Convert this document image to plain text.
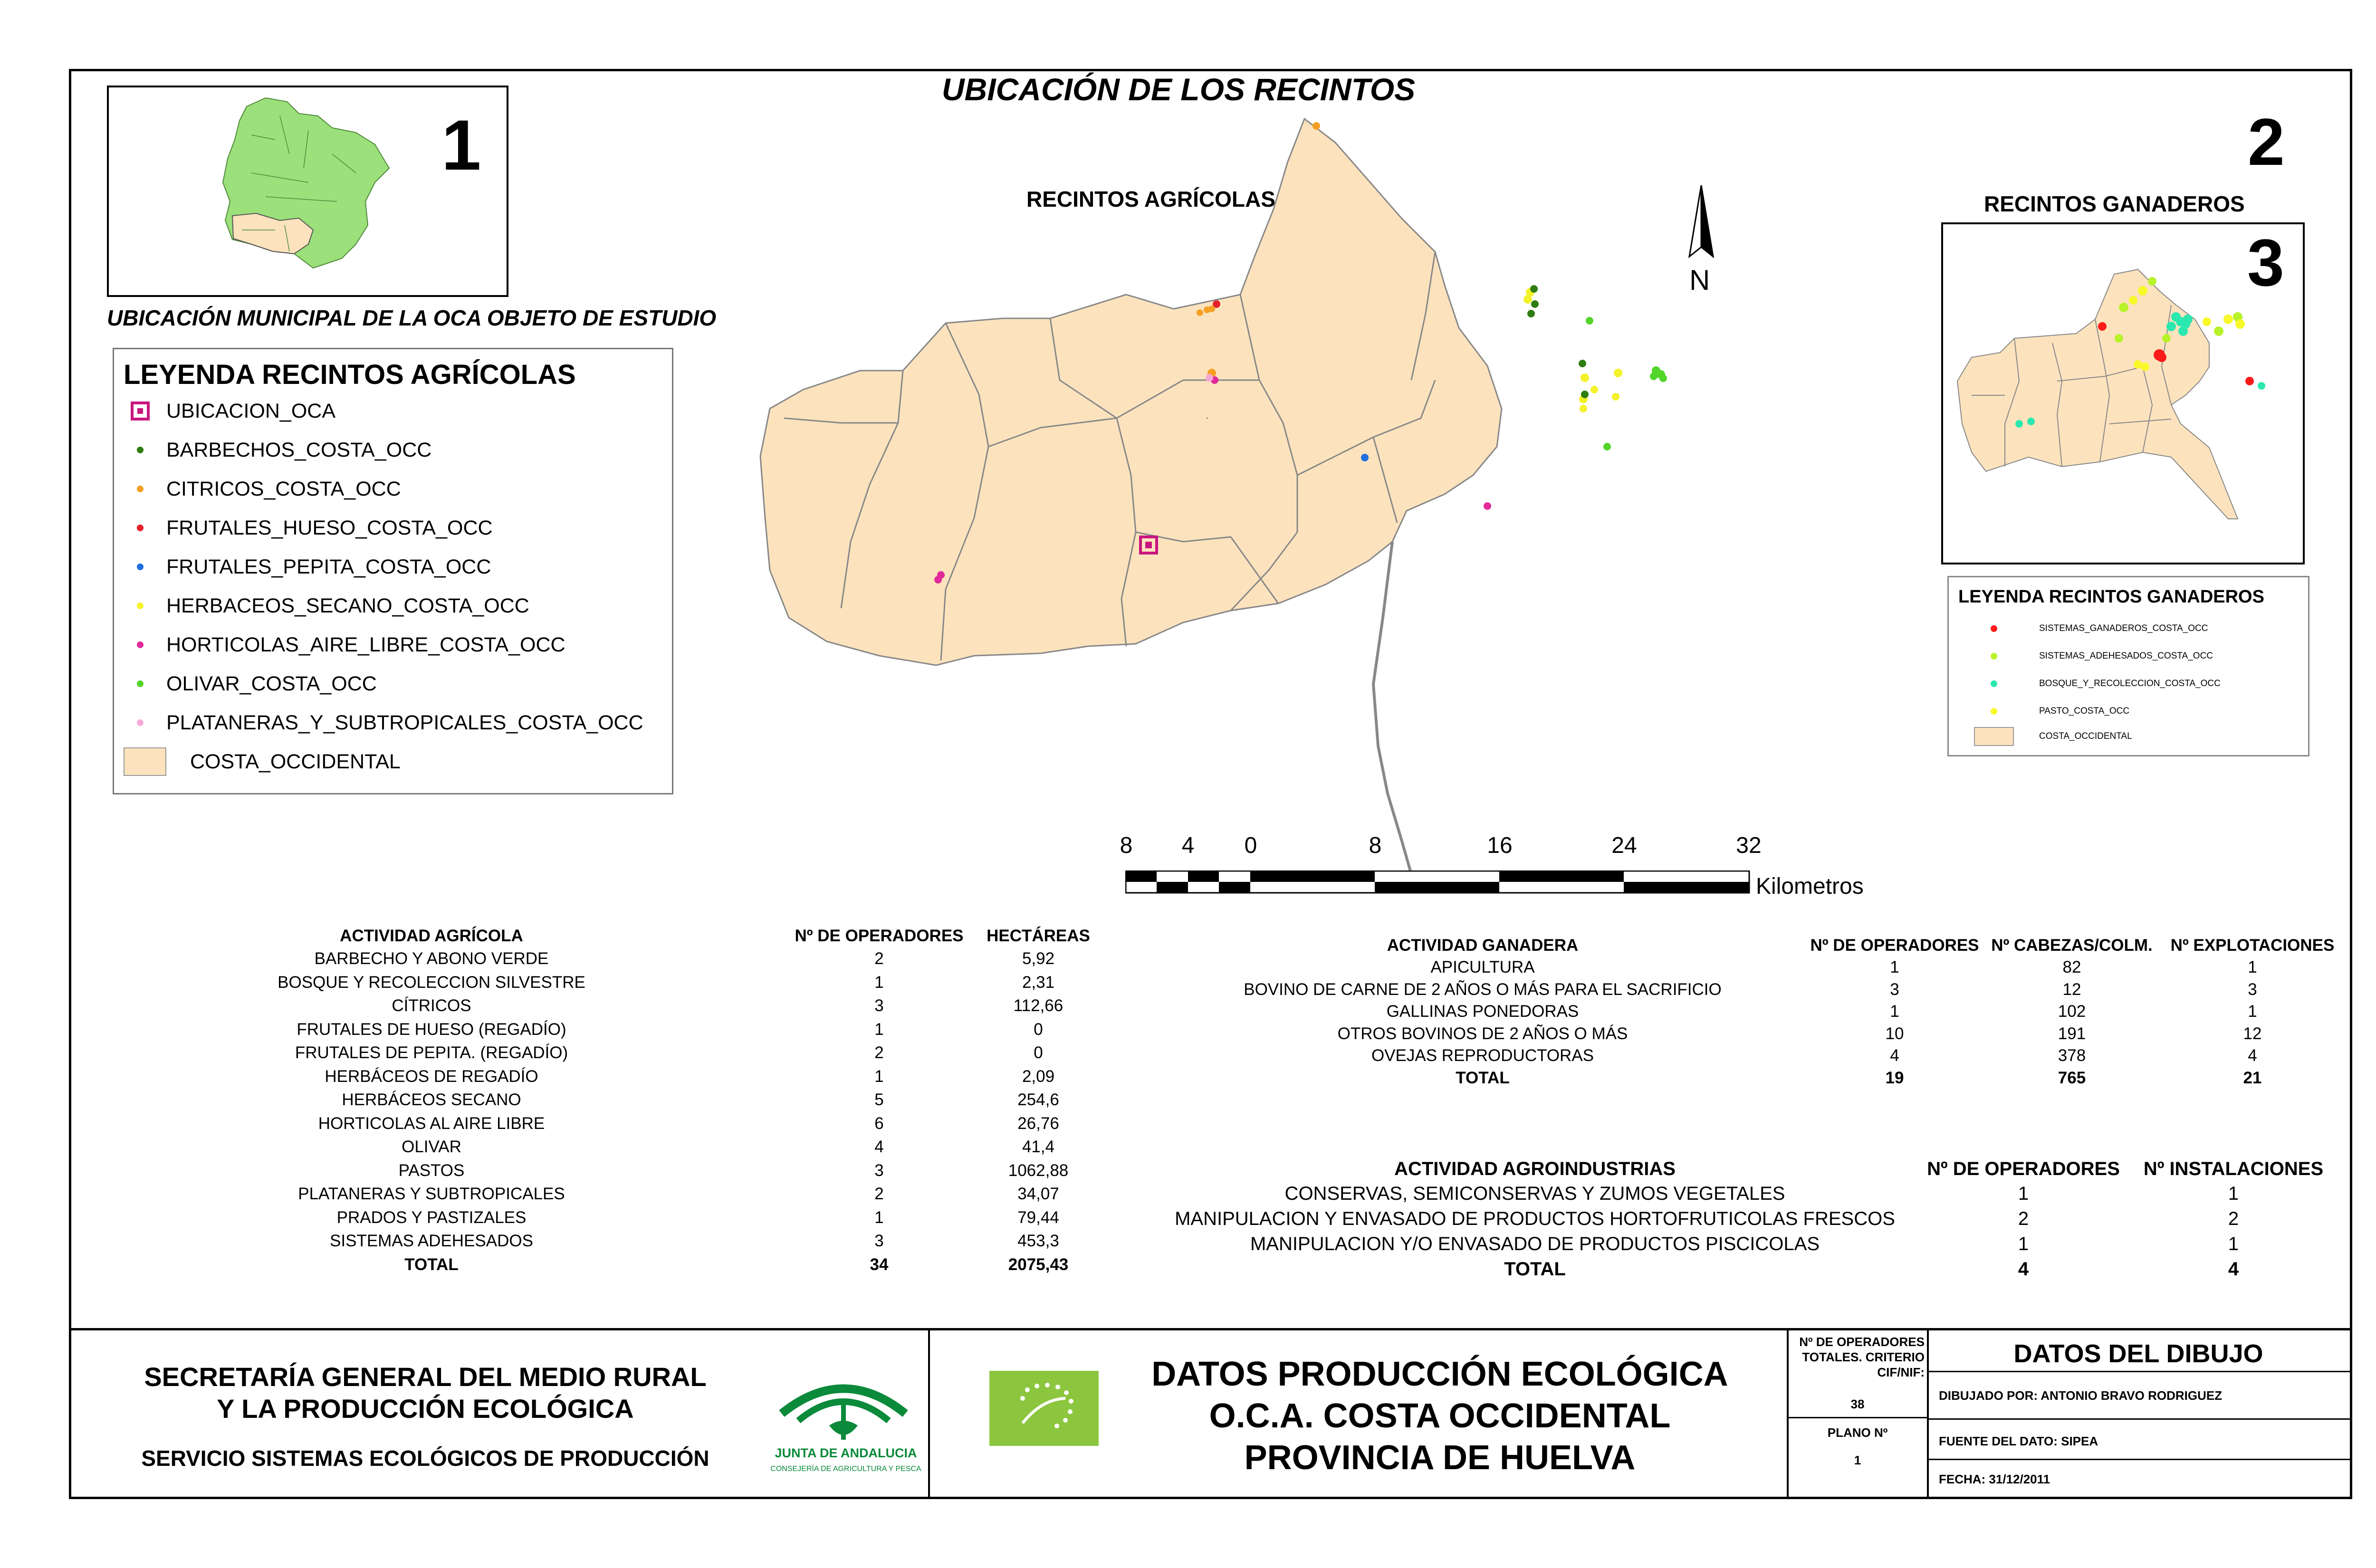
UBICACIÓN DE LOS RECINTOS
1
UBICACIÓN MUNICIPAL DE LA OCA OBJETO DE ESTUDIO
LEYENDA RECINTOS AGRÍCOLAS
UBICACION_OCA
BARBECHOS_COSTA_OCC
CITRICOS_COSTA_OCC
FRUTALES_HUESO_COSTA_OCC
FRUTALES_PEPITA_COSTA_OCC
HERBACEOS_SECANO_COSTA_OCC
HORTICOLAS_AIRE_LIBRE_COSTA_OCC
OLIVAR_COSTA_OCC
PLATANERAS_Y_SUBTROPICALES_COSTA_OCC
COSTA_OCCIDENTAL
RECINTOS AGRÍCOLAS
2
N
RECINTOS GANADEROS
3
LEYENDA RECINTOS GANADEROS
SISTEMAS_GANADEROS_COSTA_OCC
SISTEMAS_ADEHESADOS_COSTA_OCC
BOSQUE_Y_RECOLECCION_COSTA_OCC
PASTO_COSTA_OCC
COSTA_OCCIDENTAL
8 4 0	8	16	24	32
Kilometros
ACTIVIDAD AGRÍCOLA	Nº DE OPERADORES HECTÁREAS
BARBECHO Y ABONO VERDE	2	5,92
BOSQUE Y RECOLECCION SILVESTRE	1	2,31
CÍTRICOS	3	112,66
FRUTALES DE HUESO (REGADÍO)	1	0
FRUTALES DE PEPITA. (REGADÍO)	2	0
HERBÁCEOS DE REGADÍO	1	2,09
HERBÁCEOS SECANO	5	254,6
HORTICOLAS AL AIRE LIBRE	6	26,76
OLIVAR	4	41,4
PASTOS	3	1062,88
PLATANERAS Y SUBTROPICALES	2	34,07
PRADOS Y PASTIZALES	1	79,44
SISTEMAS ADEHESADOS	3	453,3
TOTAL	34	2075,43
ACTIVIDAD GANADERA	Nº DE OPERADORES Nº CABEZAS/COLM. Nº EXPLOTACIONES
APICULTURA	1	82	1
BOVINO DE CARNE DE 2 AÑOS O MÁS PARA EL SACRIFICIO	3	12	3
GALLINAS PONEDORAS	1	102	1
OTROS BOVINOS DE 2 AÑOS O MÁS	10	191	12
OVEJAS REPRODUCTORAS	4	378	4
TOTAL	19	765	21
ACTIVIDAD AGROINDUSTRIAS	Nº DE OPERADORES Nº INSTALACIONES
CONSERVAS, SEMICONSERVAS Y ZUMOS VEGETALES	1	1
MANIPULACION Y ENVASADO DE PRODUCTOS HORTOFRUTICOLAS FRESCOS	2	2
MANIPULACION Y/O ENVASADO DE PRODUCTOS PISCICOLAS	1	1
TOTAL	4	4
SECRETARÍA GENERAL DEL MEDIO RURAL
Y LA PRODUCCIÓN ECOLÓGICA
SERVICIO SISTEMAS ECOLÓGICOS DE PRODUCCIÓN	JUNTA DE ANDALUCIA
CONSEJERÍA DE AGRICULTURA Y PESCA
DATOS PRODUCCIÓN ECOLÓGICA
O.C.A. COSTA OCCIDENTAL
PROVINCIA DE HUELVA
Nº DE OPERADORES TOTALES. CRITERIO CIF/NIF:
38
PLANO Nº
1
DATOS DEL DIBUJO
DIBUJADO POR: ANTONIO BRAVO RODRIGUEZ
FUENTE DEL DATO: SIPEA
FECHA: 31/12/2011
